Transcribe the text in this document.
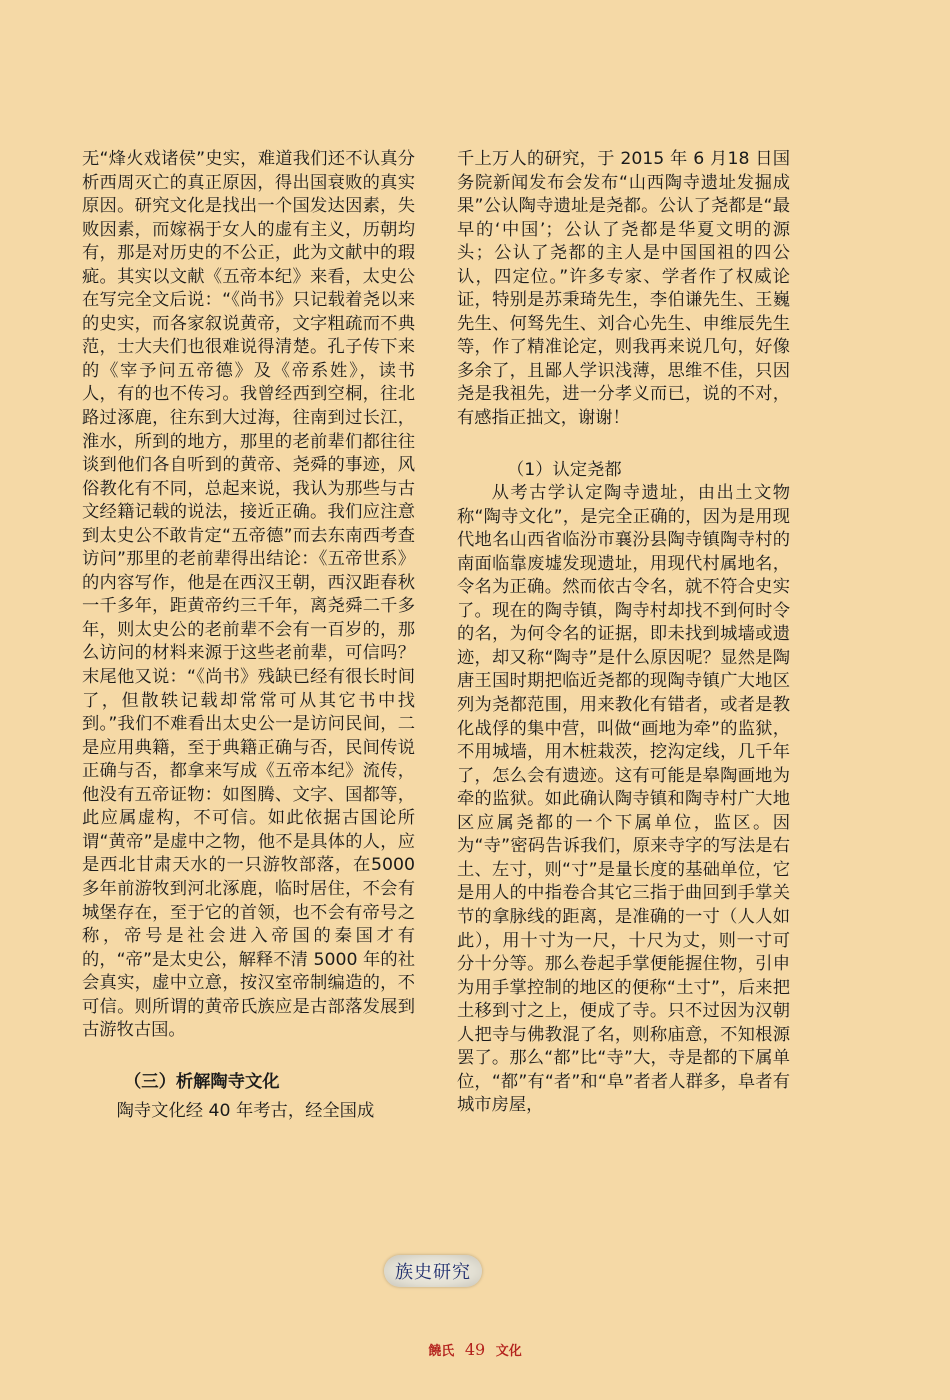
无“烽火戏诸侯”史实，难道我们还不认真分析西周灭亡的真正原因，得出国衰败的真实原因。研究文化是找出一个国发达因素，失败因素，而嫁祸于女人的虚有主义，历朝均有，那是对历史的不公正，此为文献中的瑕疵。其实以文献《五帝本纪》来看，太史公在写完全文后说：“《尚书》只记载着尧以来的史实，而各家叙说黄帝，文字粗疏而不典范，士大夫们也很难说得清楚。孔子传下来的《宰予问五帝德》及《帝系姓》，读书人，有的也不传习。我曾经西到空桐，往北路过涿鹿，往东到大过海，往南到过长江，淮水，所到的地方，那里的老前辈们都往往谈到他们各自听到的黄帝、尧舜的事迹，风俗教化有不同，总起来说，我认为那些与古文经籍记载的说法，接近正确。我们应注意到太史公不敢肯定“五帝德”而去东南西考查访问”那里的老前辈得出结论：《五帝世系》的内容写作，他是在西汉王朝，西汉距春秋一千多年，距黄帝约三千年，离尧舜二千多年，则太史公的老前辈不会有一百岁的，那么访问的材料来源于这些老前辈，可信吗？末尾他又说：“《尚书》残缺已经有很长时间了，但散轶记载却常常可从其它书中找到。”我们不难看出太史公一是访问民间，二是应用典籍，至于典籍正确与否，民间传说正确与否，都拿来写成《五帝本纪》流传，他没有五帝证物：如图腾、文字、国都等，此应属虚构，不可信。如此依据古国论所谓“黄帝”是虚中之物，他不是具体的人，应是西北甘肃天水的一只游牧部落，在5000 多年前游牧到河北涿鹿，临时居住，不会有城堡存在，至于它的首领，也不会有帝号之称，帝号是社会进入帝国的秦国才有的，“帝”是太史公，解释不清 5000 年的社会真实，虚中立意，按汉室帝制编造的，不可信。则所谓的黄帝氏族应是古部落发展到古游牧古国。

（三）析解陶寺文化

陶寺文化经 40 年考古，经全国成

千上万人的研究，于 2015 年 6 月18 日国务院新闻发布会发布“山西陶寺遗址发掘成果”公认陶寺遗址是尧都。公认了尧都是“最早的‘中国’；公认了尧都是华夏文明的源头；公认了尧都的主人是中国国祖的四公认，四定位。”许多专家、学者作了权威论证，特别是苏秉琦先生，李伯谦先生、王巍先生、何驽先生、刘合心先生、申维辰先生等，作了精准论定，则我再来说几句，好像多余了，且鄙人学识浅薄，思维不佳，只因尧是我祖先，进一分孝义而已，说的不对，有感指正拙文，谢谢！

（1）认定尧都

从考古学认定陶寺遗址，由出土文物称“陶寺文化”，是完全正确的，因为是用现代地名山西省临汾市襄汾县陶寺镇陶寺村的南面临靠废墟发现遗址，用现代村属地名，令名为正确。然而依古令名，就不符合史实了。现在的陶寺镇，陶寺村却找不到何时令的名，为何令名的证据，即未找到城墙或遗迹，却又称“陶寺”是什么原因呢？显然是陶唐王国时期把临近尧都的现陶寺镇广大地区列为尧都范围，用来教化有错者，或者是教化战俘的集中营，叫做“画地为牵”的监狱，不用城墙，用木桩栽茨，挖沟定线，几千年了，怎么会有遗迹。这有可能是皋陶画地为牵的监狱。如此确认陶寺镇和陶寺村广大地区应属尧都的一个下属单位，监区。因为“寺”密码告诉我们，原来寺字的写法是右土、左寸，则“寸”是量长度的基础单位，它是用人的中指卷合其它三指于曲回到手掌关节的拿脉线的距离，是准确的一寸（人人如此），用十寸为一尺，十尺为丈，则一寸可分十分等。那么卷起手掌便能握住物，引申为用手掌控制的地区的便称“土寸”，后来把土移到寸之上，便成了寺。只不过因为汉朝人把寺与佛教混了名，则称庙意，不知根源罢了。那么“都”比“寺”大，寺是都的下属单位，“都”有“者”和“阜”者者人群多，阜者有城市房屋，

族史研究
饒氏 49 文化
